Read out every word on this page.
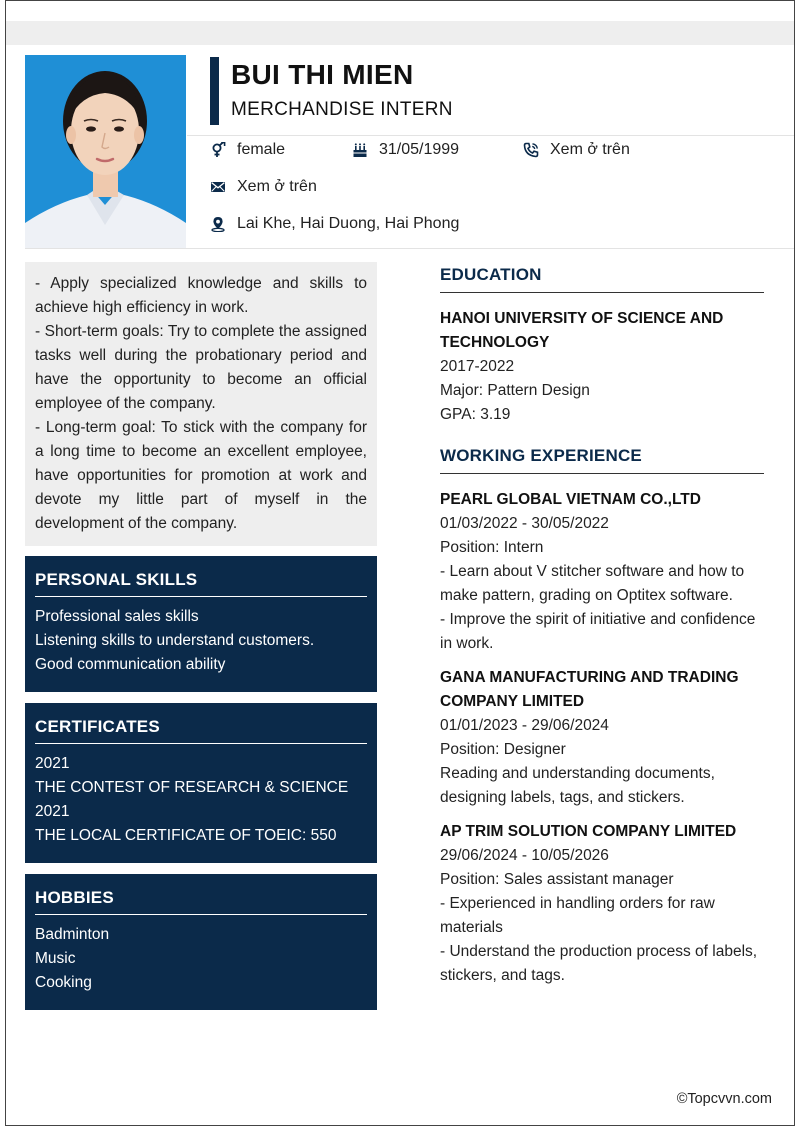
BUI THI MIEN
MERCHANDISE INTERN
female	31/05/1999	Xem ở trên
Xem ở trên
Lai Khe, Hai Duong, Hai Phong

- Apply specialized knowledge and skills to achieve high efficiency in work.

- Short-term goals: Try to complete the assigned tasks well during the probationary period and have the opportunity to become an official employee of the company.

- Long-term goal: To stick with the company for a long time to become an excellent employee, have opportunities for promotion at work and devote my little part of myself in the development of the company.

PERSONAL SKILLS
Professional sales skills
Listening skills to understand customers.
Good communication ability
CERTIFICATES
2021
THE CONTEST OF RESEARCH & SCIENCE
2021
THE LOCAL CERTIFICATE OF TOEIC: 550
HOBBIES
Badminton
Music
Cooking
EDUCATION
HANOI UNIVERSITY OF SCIENCE AND TECHNOLOGY
2017-2022
Major: Pattern Design
GPA: 3.19
WORKING EXPERIENCE
PEARL GLOBAL VIETNAM CO.,LTD
01/03/2022 - 30/05/2022
Position: Intern
- Learn about V stitcher software and how to make pattern, grading on Optitex software.
- Improve the spirit of initiative and confidence in work.
GANA MANUFACTURING AND TRADING COMPANY LIMITED
01/01/2023 - 29/06/2024
Position: Designer
Reading and understanding documents, designing labels, tags, and stickers.
AP TRIM SOLUTION COMPANY LIMITED
29/06/2024 - 10/05/2026
Position: Sales assistant manager
- Experienced in handling orders for raw materials
- Understand the production process of labels, stickers, and tags.
©Topcvvn.com
